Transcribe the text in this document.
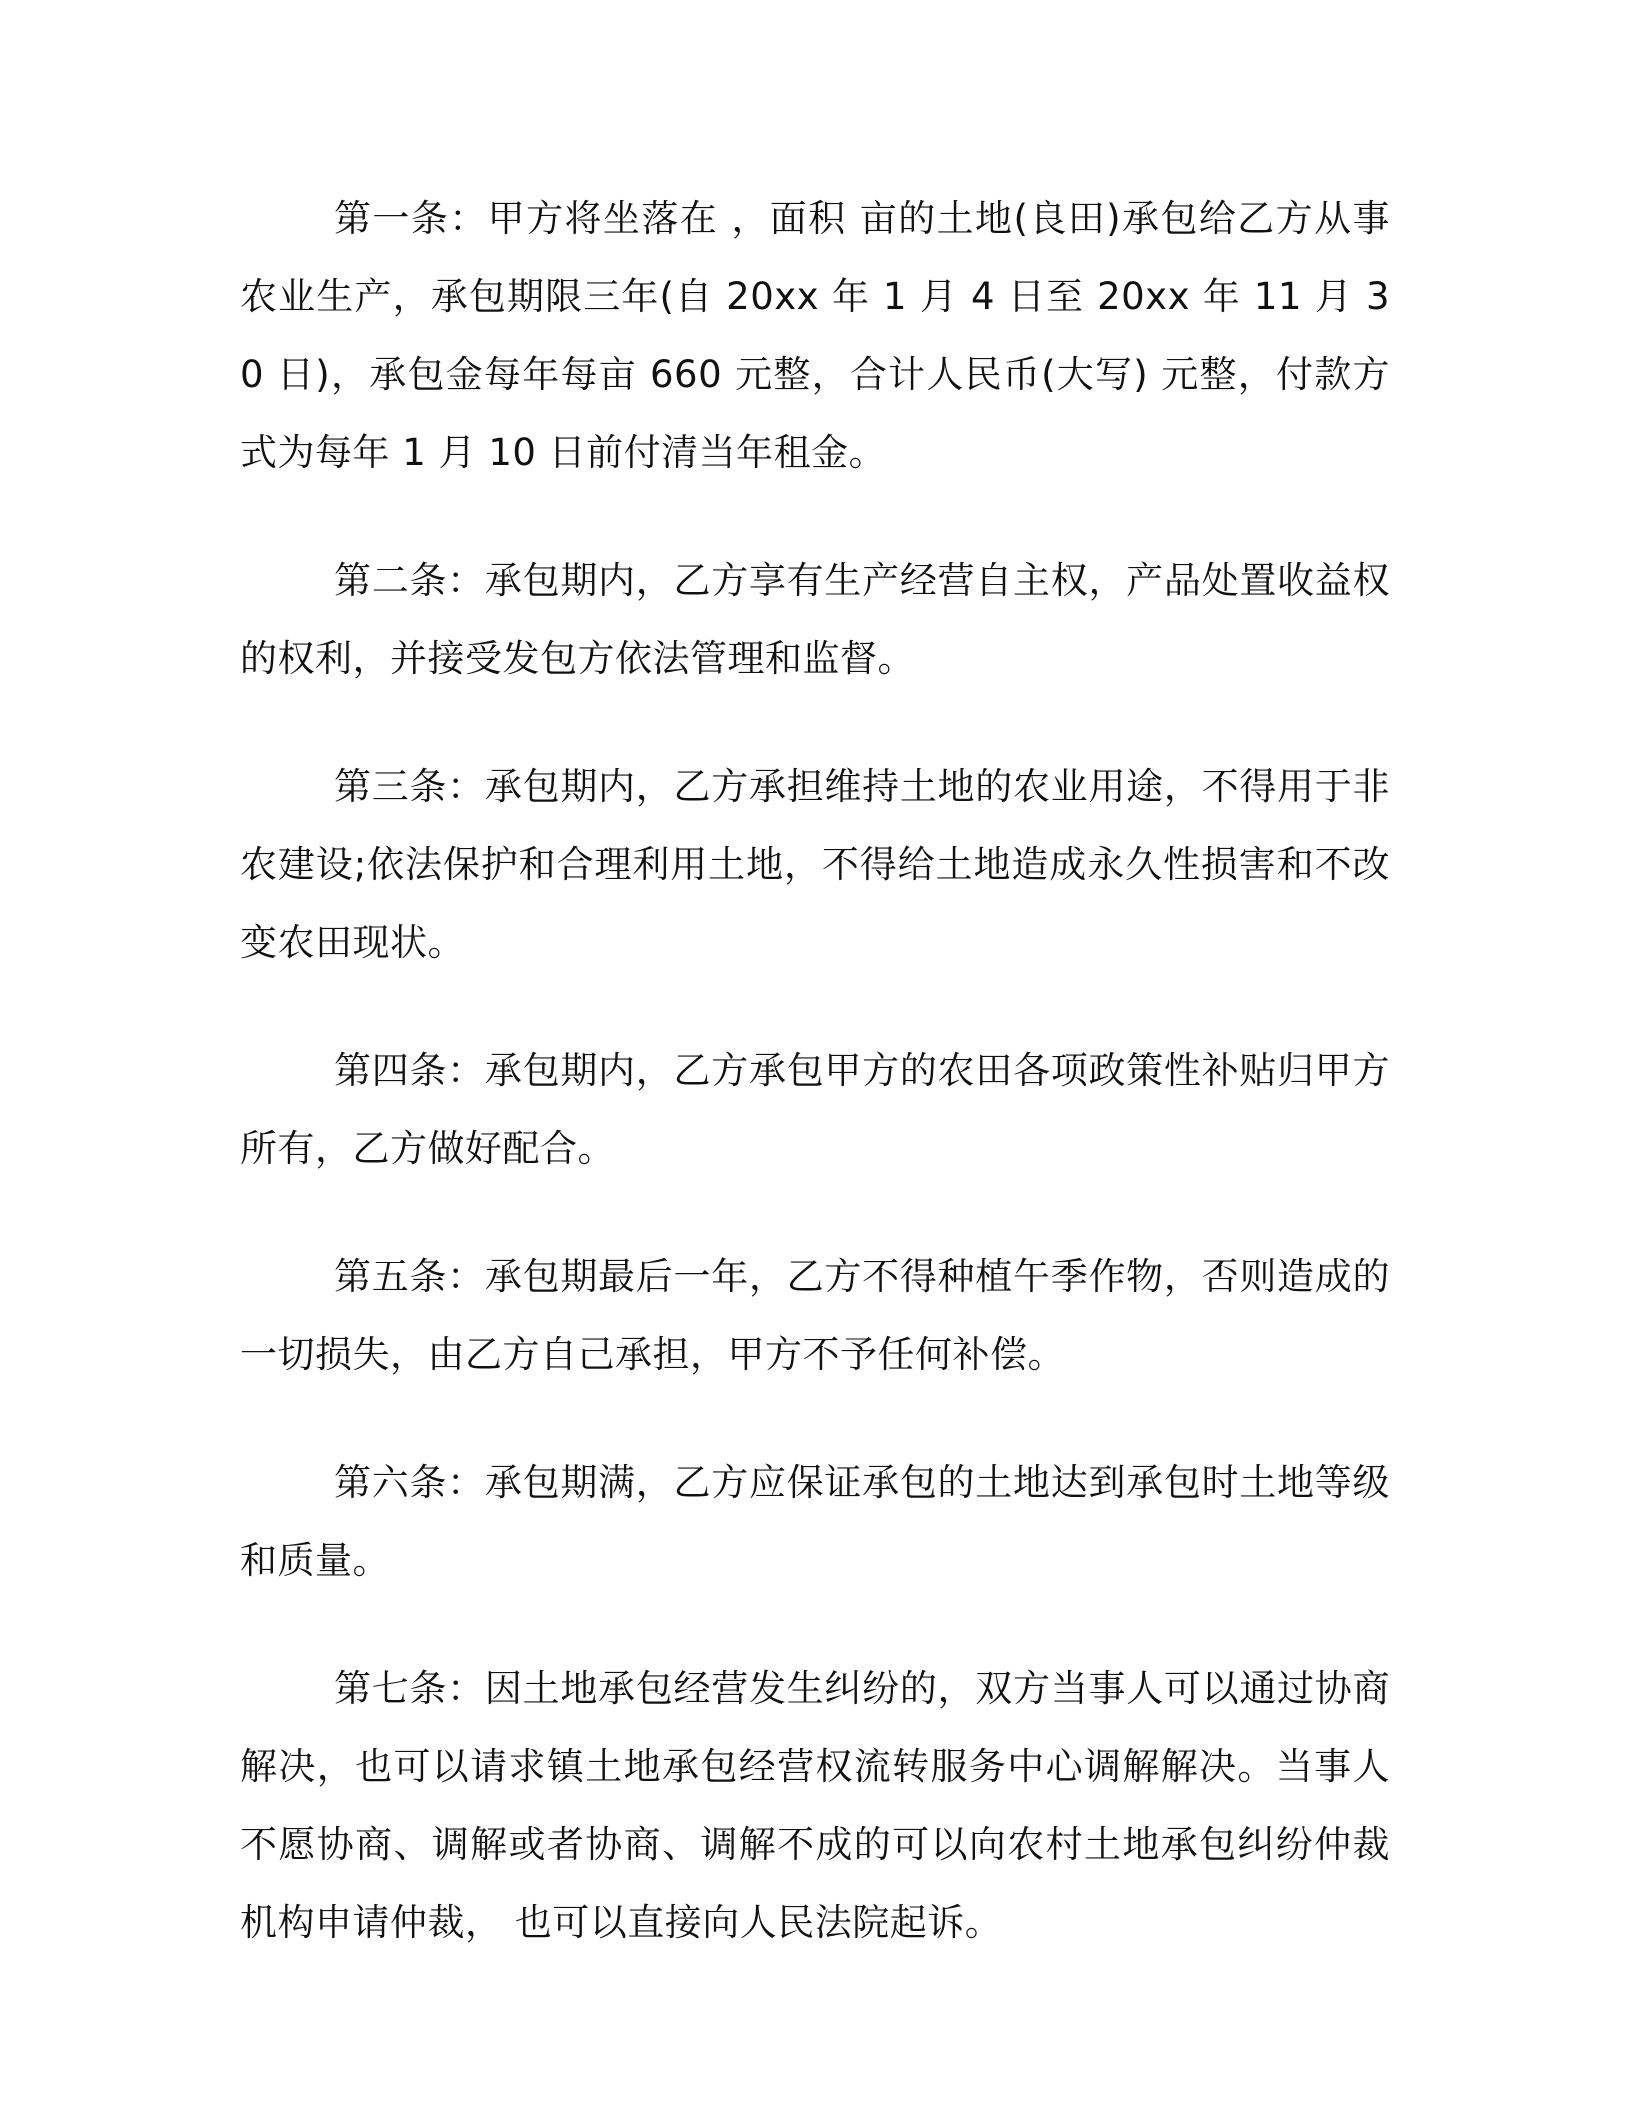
第一条：甲方将坐落在 ，面积 亩的土地(良田)承包给乙方从事农业生产，承包期限三年(自 20xx 年 1 月 4 日至 20xx 年 11 月 30 日)，承包金每年每亩 660 元整，合计人民币(大写) 元整，付款方式为每年 1 月 10 日前付清当年租金。

第二条：承包期内，乙方享有生产经营自主权，产品处置收益权的权利，并接受发包方依法管理和监督。

第三条：承包期内，乙方承担维持土地的农业用途，不得用于非农建设;依法保护和合理利用土地，不得给土地造成永久性损害和不改变农田现状。

第四条：承包期内，乙方承包甲方的农田各项政策性补贴归甲方所有，乙方做好配合。

第五条：承包期最后一年，乙方不得种植午季作物，否则造成的一切损失，由乙方自己承担，甲方不予任何补偿。

第六条：承包期满，乙方应保证承包的土地达到承包时土地等级和质量。

第七条：因土地承包经营发生纠纷的，双方当事人可以通过协商解决，也可以请求镇土地承包经营权流转服务中心调解解决。当事人不愿协商、调解或者协商、调解不成的可以向农村土地承包纠纷仲裁机构申请仲裁， 也可以直接向人民法院起诉。
